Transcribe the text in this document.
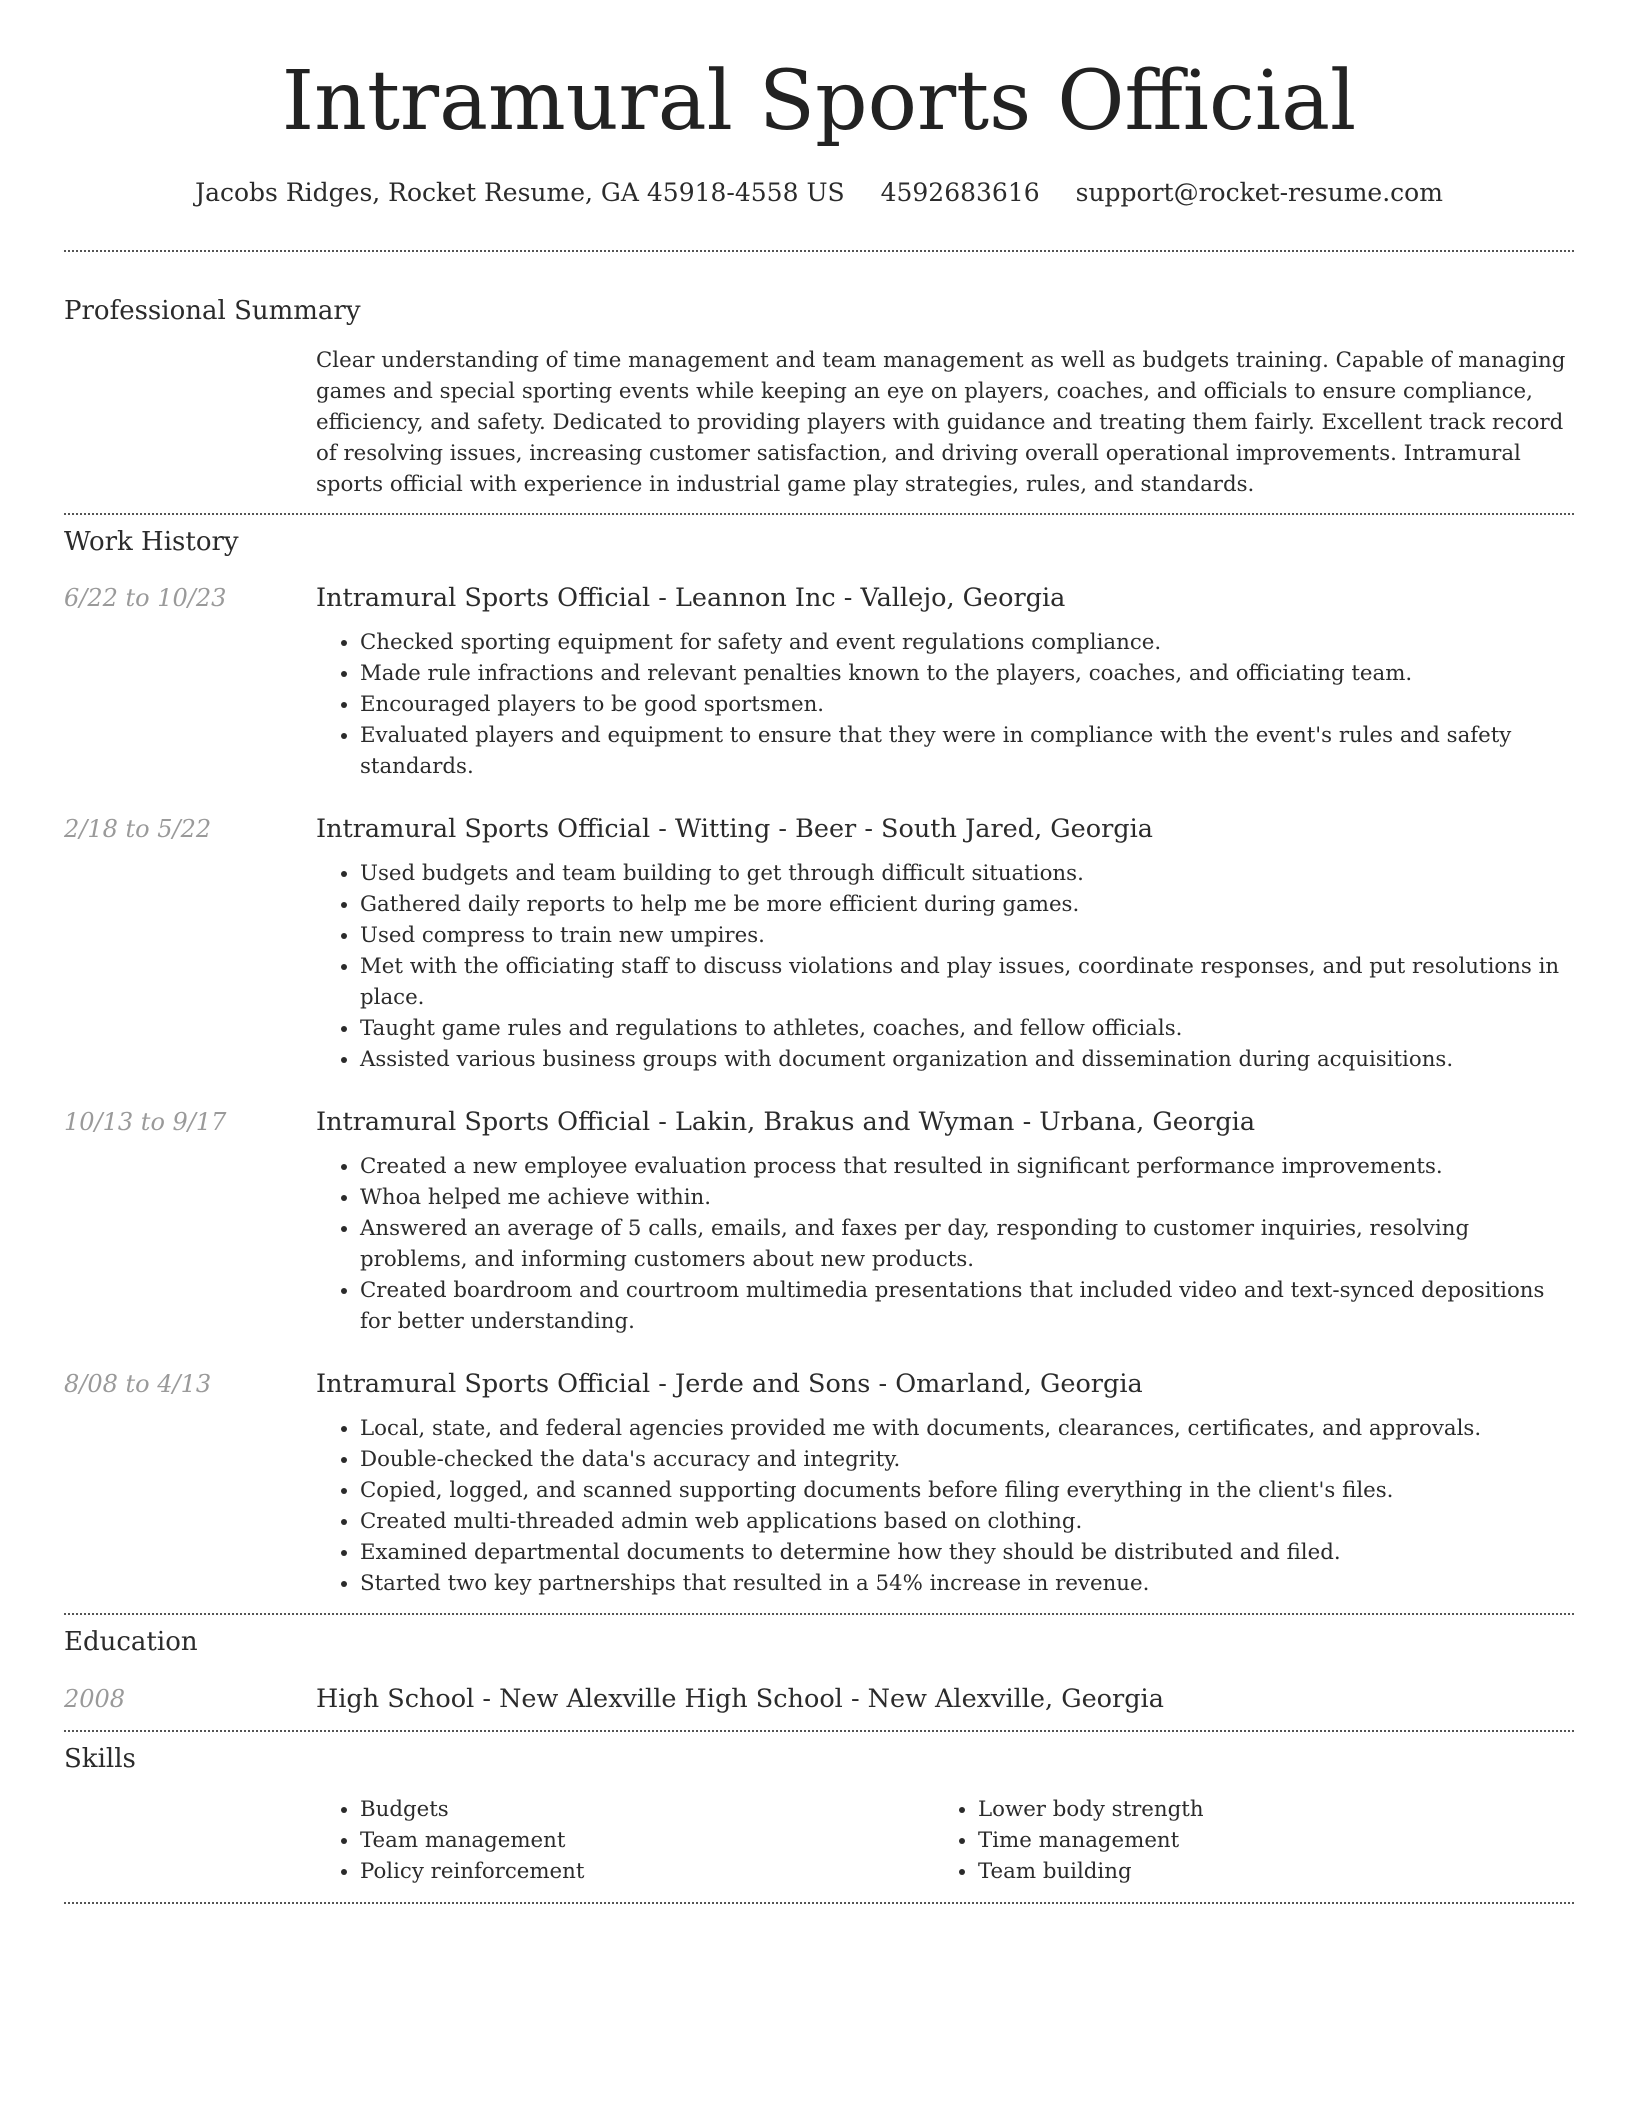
Intramural Sports Official
Jacobs Ridges, Rocket Resume, GA 45918-4558 US 4592683616 support@rocket-resume.com
Professional Summary
Clear understanding of time management and team management as well as budgets training. Capable of managing games and special sporting events while keeping an eye on players, coaches, and officials to ensure compliance, efficiency, and safety. Dedicated to providing players with guidance and treating them fairly. Excellent track record of resolving issues, increasing customer satisfaction, and driving overall operational improvements. Intramural sports official with experience in industrial game play strategies, rules, and standards.
Work History
6/22 to 10/23	Intramural Sports Official - Leannon Inc - Vallejo, Georgia
• Checked sporting equipment for safety and event regulations compliance.
• Made rule infractions and relevant penalties known to the players, coaches, and officiating team.
• Encouraged players to be good sportsmen.
• Evaluated players and equipment to ensure that they were in compliance with the event's rules and safety standards.
2/18 to 5/22	Intramural Sports Official - Witting - Beer - South Jared, Georgia
• Used budgets and team building to get through difficult situations.
• Gathered daily reports to help me be more efficient during games.
• Used compress to train new umpires.
• Met with the officiating staff to discuss violations and play issues, coordinate responses, and put resolutions in place.
• Taught game rules and regulations to athletes, coaches, and fellow officials.
• Assisted various business groups with document organization and dissemination during acquisitions.
10/13 to 9/17	Intramural Sports Official - Lakin, Brakus and Wyman - Urbana, Georgia
• Created a new employee evaluation process that resulted in significant performance improvements.
• Whoa helped me achieve within.
• Answered an average of 5 calls, emails, and faxes per day, responding to customer inquiries, resolving problems, and informing customers about new products.
• Created boardroom and courtroom multimedia presentations that included video and text-synced depositions for better understanding.
8/08 to 4/13	Intramural Sports Official - Jerde and Sons - Omarland, Georgia
• Local, state, and federal agencies provided me with documents, clearances, certificates, and approvals.
• Double-checked the data's accuracy and integrity.
• Copied, logged, and scanned supporting documents before filing everything in the client's files.
• Created multi-threaded admin web applications based on clothing.
• Examined departmental documents to determine how they should be distributed and filed.
• Started two key partnerships that resulted in a 54% increase in revenue.
Education
2008	High School - New Alexville High School - New Alexville, Georgia
Skills
• Budgets
• Team management
• Policy reinforcement
• Lower body strength
• Time management
• Team building
